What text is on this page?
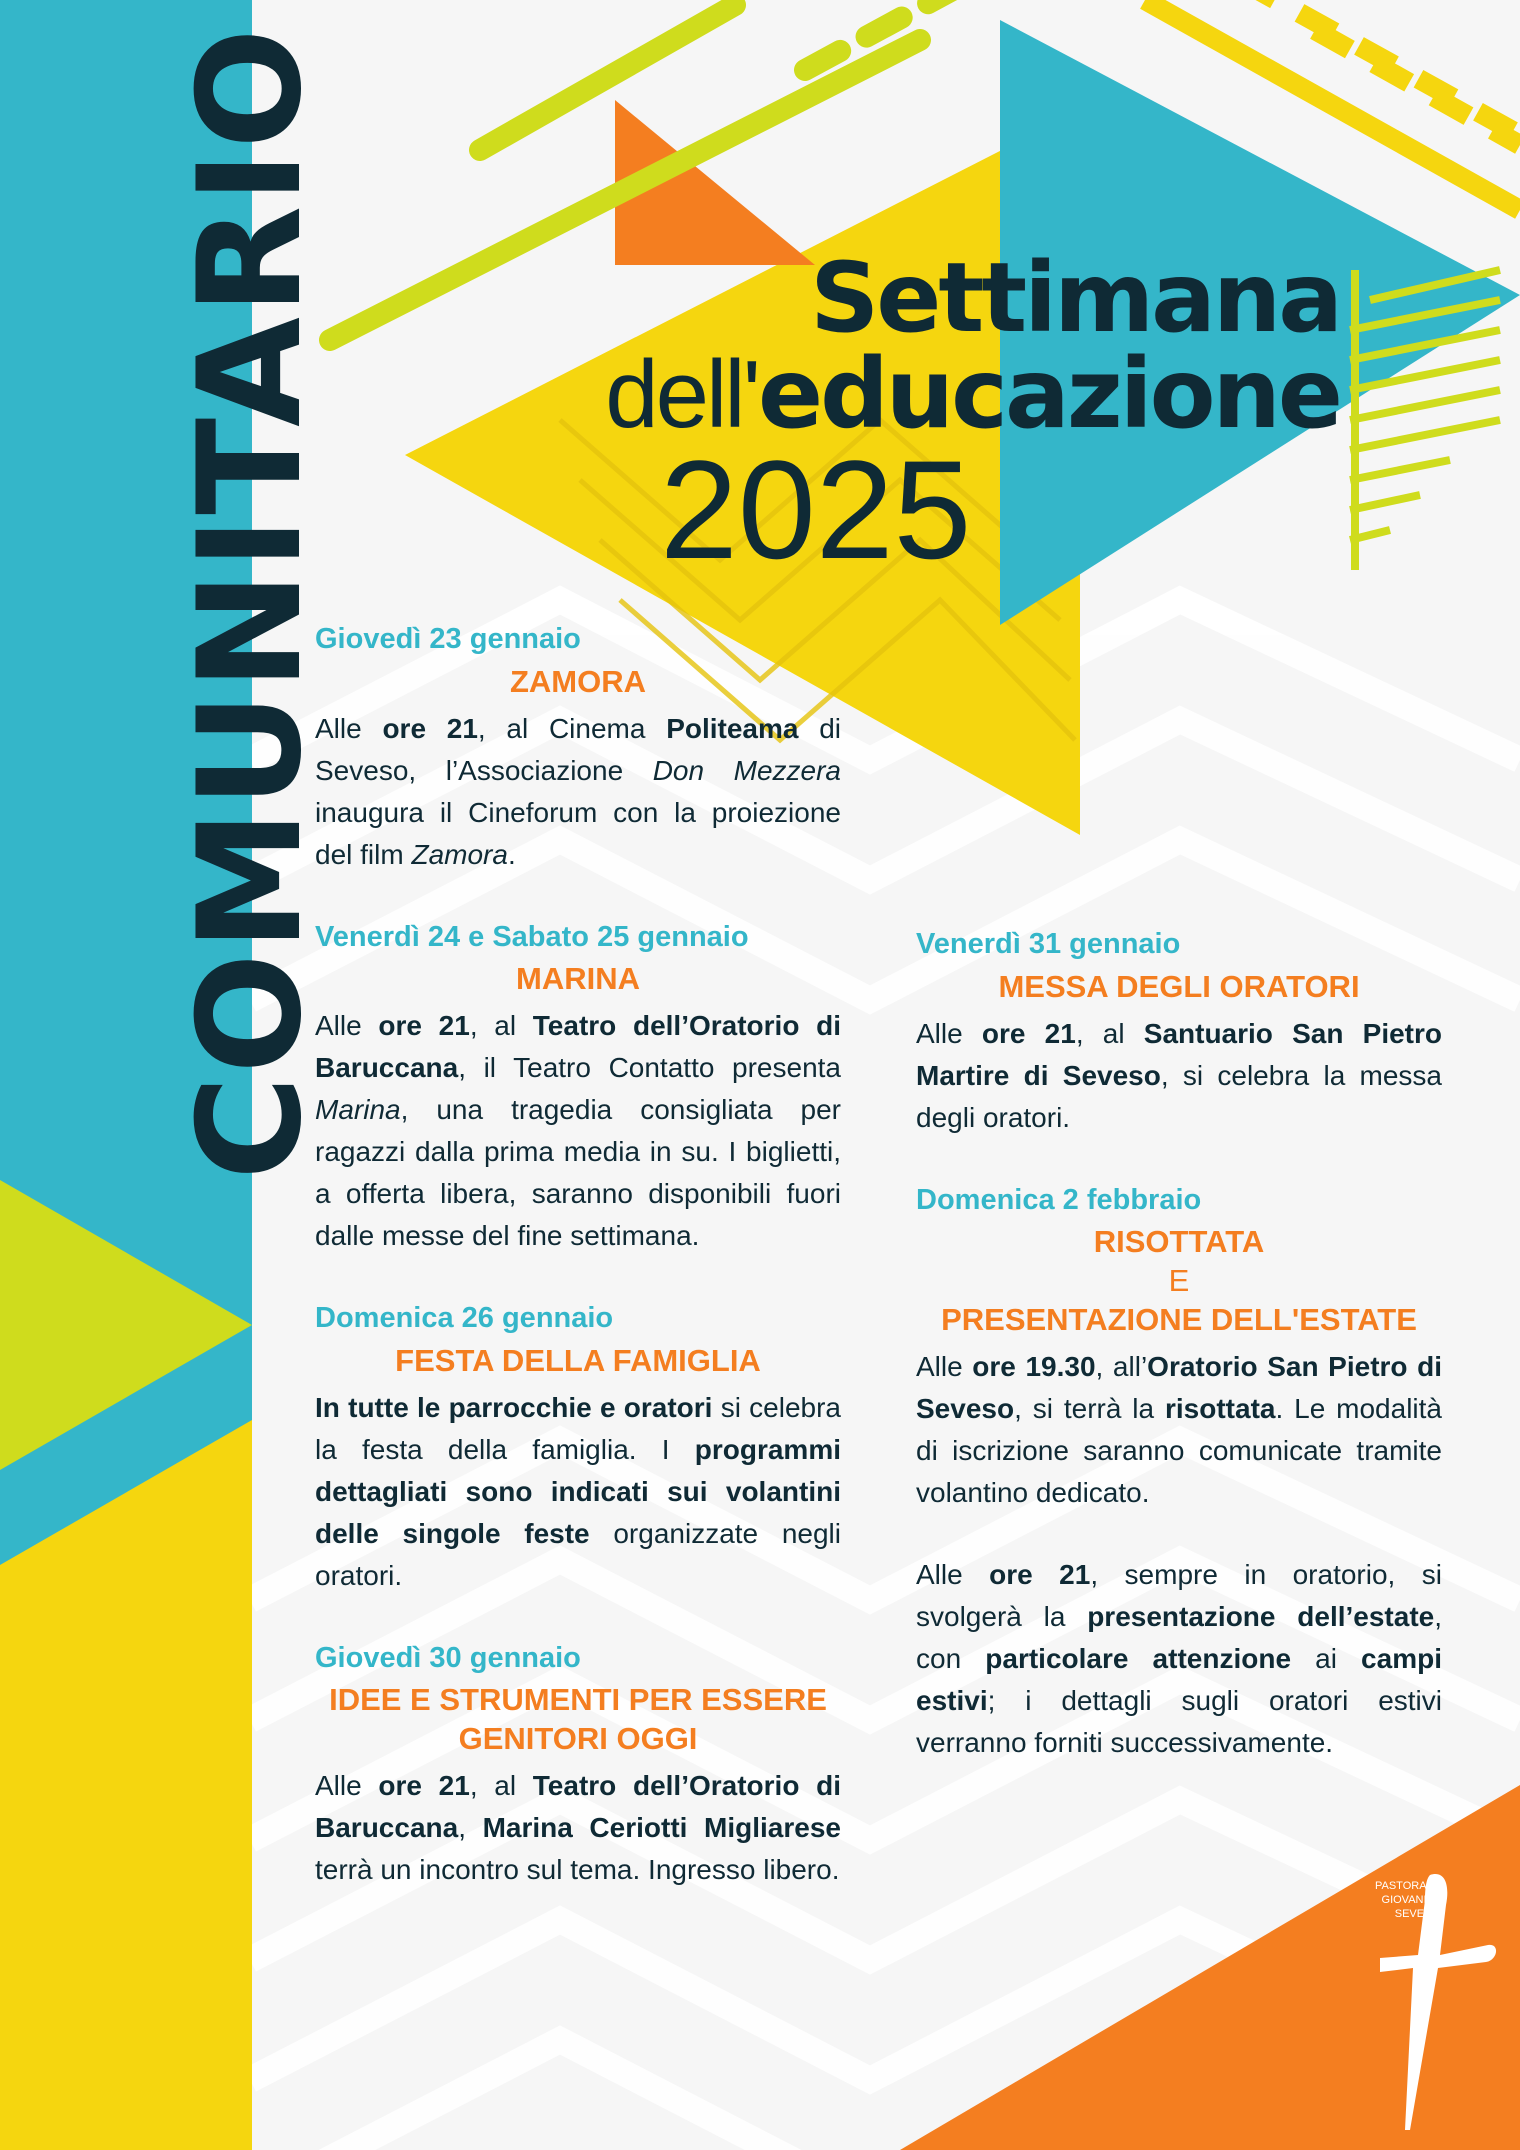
COMUNITARIO	Settimana
dell'educazione
2025
Giovedì 23 gennaio
ZAMORA
Alle ore 21, al Cinema Politeama di Seveso, l’Associazione Don Mezzera inaugura il Cineforum con la proiezione del film Zamora.
Venerdì 24 e Sabato 25 gennaio
MARINA
Alle ore 21, al Teatro dell’Oratorio di Baruccana, il Teatro Contatto presenta Marina, una tragedia consigliata per ragazzi dalla prima media in su. I biglietti, a offerta libera, saranno disponibili fuori dalle messe del fine settimana.
Domenica 26 gennaio
FESTA DELLA FAMIGLIA
In tutte le parrocchie e oratori si celebra la festa della famiglia. I programmi dettagliati sono indicati sui volantini delle singole feste organizzate negli oratori.
Giovedì 30 gennaio
IDEE E STRUMENTI PER ESSERE GENITORI OGGI
Alle ore 21, al Teatro dell’Oratorio di Baruccana, Marina Ceriotti Migliarese terrà un incontro sul tema. Ingresso libero.
Venerdì 31 gennaio
MESSA DEGLI ORATORI
Alle ore 21, al Santuario San Pietro Martire di Seveso, si celebra la messa degli oratori.
Domenica 2 febbraio
RISOTTATA
E
PRESENTAZIONE DELL'ESTATE
Alle ore 19.30, all’Oratorio San Pietro di Seveso, si terrà la risottata. Le modalità di iscrizione saranno comunicate tramite volantino dedicato.
Alle ore 21, sempre in oratorio, si svolgerà la presentazione dell’estate, con particolare attenzione ai campi estivi; i dettagli sugli oratori estivi verranno forniti successivamente.
PASTORALE
GIOVANILE
SEVESO
